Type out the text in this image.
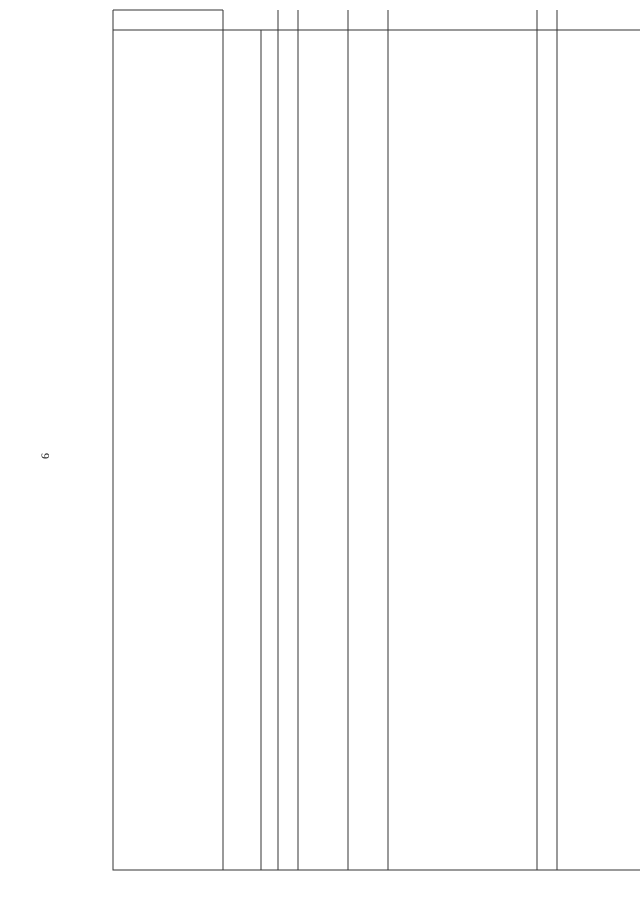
9
